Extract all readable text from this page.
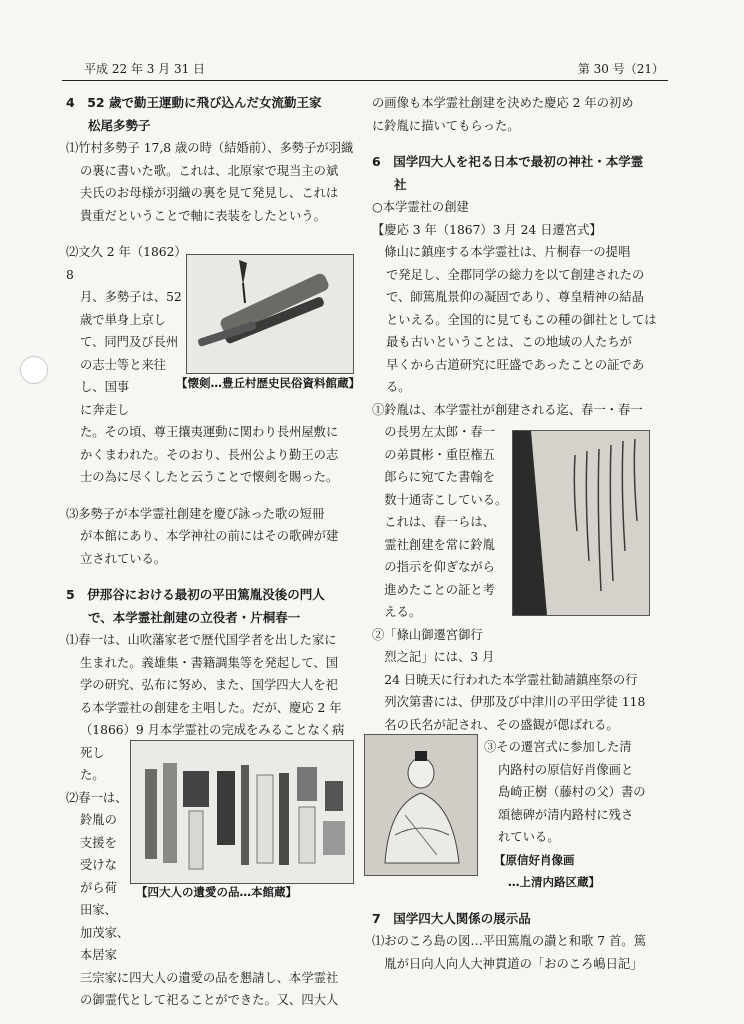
平成 22 年 3 月 31 日	第 30 号（21）

4　52 歳で勤王運動に飛び込んだ女流勤王家

松尾多勢子

⑴竹村多勢子 17,8 歳の時（結婚前）、多勢子が羽織

の裏に書いた歌。これは、北原家で現当主の斌

夫氏のお母様が羽織の裏を見て発見し、これは

貴重だということで軸に表装をしたという。

⑵文久 2 年（1862）8

月、多勢子は、52

歳で単身上京し

て、同門及び長州

の志士等と来往

し、国事

に奔走し

た。その頃、尊王攘夷運動に関わり長州屋敷に

かくまわれた。そのおり、長州公より勤王の志

士の為に尽くしたと云うことで懐剣を賜った。

⑶多勢子が本学霊社創建を慶び詠った歌の短冊

が本館にあり、本学神社の前にはその歌碑が建

立されている。

5　伊那谷における最初の平田篤胤没後の門人

で、本学霊社創建の立役者・片桐春一

⑴春一は、山吹藩家老で歴代国学者を出した家に

生まれた。義雄集・書籍調集等を発起して、国

学の研究、弘布に努め、また、国学四大人を祀

る本学霊社の創建を主唱した。だが、慶応 2 年

（1866）9 月本学霊社の完成をみることなく病死し

た。

⑵春一は、

鈴胤の

支援を

受けな

がら荷

田家、

加茂家、

本居家

三宗家に四大人の遺愛の品を懇請し、本学霊社

の御霊代として祀ることができた。又、四大人

【懐剣…豊丘村歴史民俗資料館蔵】
【四大人の遺愛の品…本館蔵】

の画像も本学霊社創建を決めた慶応 2 年の初め

に鈴胤に描いてもらった。

6　国学四大人を祀る日本で最初の神社・本学霊

社

○本学霊社の創建

【慶応 3 年（1867）3 月 24 日遷宮式】

　條山に鎮座する本学霊社は、片桐春一の提唱

で発足し、全郡同学の総力を以て創建されたの

で、師篤胤景仰の凝固であり、尊皇精神の結晶

といえる。全国的に見てもこの種の御社としては

最も古いということは、この地域の人たちが

早くから古道研究に旺盛であったことの証であ

る。

①鈴胤は、本学霊社が創建される迄、春一・春一

　の長男左太郎・春一

　の弟貫彬・重臣権五

　郎らに宛てた書翰を

　数十通寄こしている。

　これは、春一らは、

　霊社創建を常に鈴胤

　の指示を仰ぎながら

　進めたことの証と考

　える。

②「條山御遷宮御行

　烈之記」には、3 月

　24 日暁天に行われた本学霊社勧請鎮座祭の行

　列次第書には、伊那及び中津川の平田学徒 118

　名の氏名が記され、その盛観が偲ばれる。

③その遷宮式に参加した清

内路村の原信好肖像画と

島崎正樹（藤村の父）書の

頌徳碑が清内路村に残さ

れている。

【原信好肖像画

…上清内路区蔵】

7　国学四大人関係の展示品

⑴おのころ島の図…平田篤胤の讃と和歌 7 首。篤

　胤が日向人向人大神貫道の「おのころ嶋日記」
